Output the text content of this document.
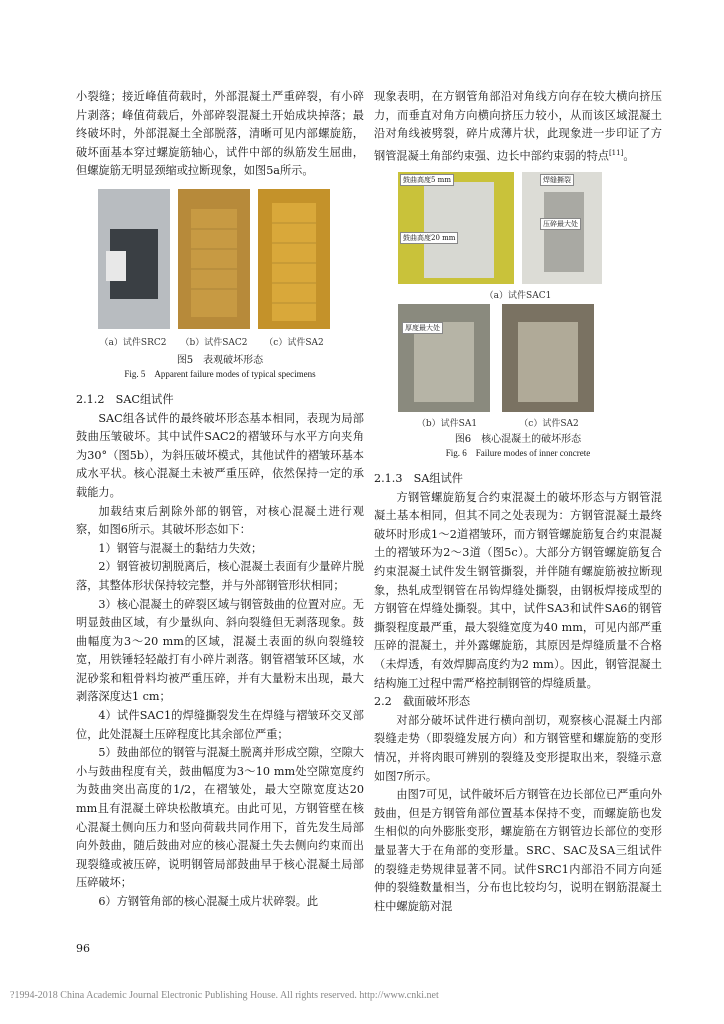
小裂缝；接近峰值荷载时，外部混凝土严重碎裂，有小碎片剥落；峰值荷载后，外部碎裂混凝土开始成块掉落；最终破坏时，外部混凝土全部脱落，清晰可见内部螺旋筋，破坏面基本穿过螺旋筋轴心，试件中部的纵筋发生屈曲，但螺旋筋无明显颈缩或拉断现象，如图5a所示。

（a）试件SRC2	（b）试件SAC2	（c）试件SA2
图5　表观破坏形态
Fig. 5　Apparent failure modes of typical specimens

2.1.2　SAC组试件

SAC组各试件的最终破坏形态基本相同，表现为局部鼓曲压皱破坏。其中试件SAC2的褶皱环与水平方向夹角为30°（图5b），为斜压破坏模式，其他试件的褶皱环基本成水平状。核心混凝土未被严重压碎，依然保持一定的承载能力。

加载结束后割除外部的钢管，对核心混凝土进行观察，如图6所示。其破坏形态如下：

1）钢管与混凝土的黏结力失效；

2）钢管被切割脱离后，核心混凝土表面有少量碎片脱落，其整体形状保持较完整，并与外部钢管形状相同；

3）核心混凝土的碎裂区域与钢管鼓曲的位置对应。无明显鼓曲区域，有少量纵向、斜向裂缝但无剥落现象。鼓曲幅度为3～20 mm的区域，混凝土表面的纵向裂缝较宽，用铁锤轻轻敲打有小碎片剥落。钢管褶皱环区域，水泥砂浆和粗骨料均被严重压碎，并有大量粉末出现，最大剥落深度达1 cm；

4）试件SAC1的焊缝撕裂发生在焊缝与褶皱环交叉部位，此处混凝土压碎程度比其余部位严重；

5）鼓曲部位的钢管与混凝土脱离并形成空隙，空隙大小与鼓曲程度有关，鼓曲幅度为3～10 mm处空隙宽度约为鼓曲突出高度的1/2，在褶皱处，最大空隙宽度达20 mm且有混凝土碎块松散填充。由此可见，方钢管壁在核心混凝土侧向压力和竖向荷载共同作用下，首先发生局部向外鼓曲，随后鼓曲对应的核心混凝土失去侧向约束而出现裂缝或被压碎，说明钢管局部鼓曲早于核心混凝土局部压碎破坏；

6）方钢管角部的核心混凝土成片状碎裂。此

现象表明，在方钢管角部沿对角线方向存在较大横向挤压力，而垂直对角方向横向挤压力较小，从而该区域混凝土沿对角线被劈裂，碎片成薄片状，此现象进一步印证了方钢管混凝土角部约束强、边长中部约束弱的特点[11]。

鼓曲高度5 mm
鼓曲高度20 mm
焊缝撕裂
压碎最大处
厚度最大处
（a）试件SAC1
（b）试件SA1	（c）试件SA2
图6　核心混凝土的破坏形态
Fig. 6　Failure modes of inner concrete

2.1.3　SA组试件

方钢管螺旋筋复合约束混凝土的破坏形态与方钢管混凝土基本相同，但其不同之处表现为：方钢管混凝土最终破坏时形成1～2道褶皱环，而方钢管螺旋筋复合约束混凝土的褶皱环为2～3道（图5c）。大部分方钢管螺旋筋复合约束混凝土试件发生钢管撕裂，并伴随有螺旋筋被拉断现象，热轧成型钢管在吊钩焊缝处撕裂，由钢板焊接成型的方钢管在焊缝处撕裂。其中，试件SA3和试件SA6的钢管撕裂程度最严重，最大裂缝宽度为40 mm，可见内部严重压碎的混凝土，并外露螺旋筋，其原因是焊缝质量不合格（未焊透，有效焊脚高度约为2 mm）。因此，钢管混凝土结构施工过程中需严格控制钢管的焊缝质量。

2.2　截面破坏形态

对部分破坏试件进行横向剖切，观察核心混凝土内部裂缝走势（即裂缝发展方向）和方钢管壁和螺旋筋的变形情况，并将肉眼可辨别的裂缝及变形提取出来，裂缝示意如图7所示。

由图7可见，试件破坏后方钢管在边长部位已严重向外鼓曲，但是方钢管角部位置基本保持不变，而螺旋筋也发生相似的向外膨胀变形，螺旋筋在方钢管边长部位的变形量显著大于在角部的变形量。SRC、SAC及SA三组试件的裂缝走势规律显著不同。试件SRC1内部沿不同方向延伸的裂缝数量相当，分布也比较均匀，说明在钢筋混凝土柱中螺旋筋对混

96
?1994-2018 China Academic Journal Electronic Publishing House. All rights reserved. http://www.cnki.net
